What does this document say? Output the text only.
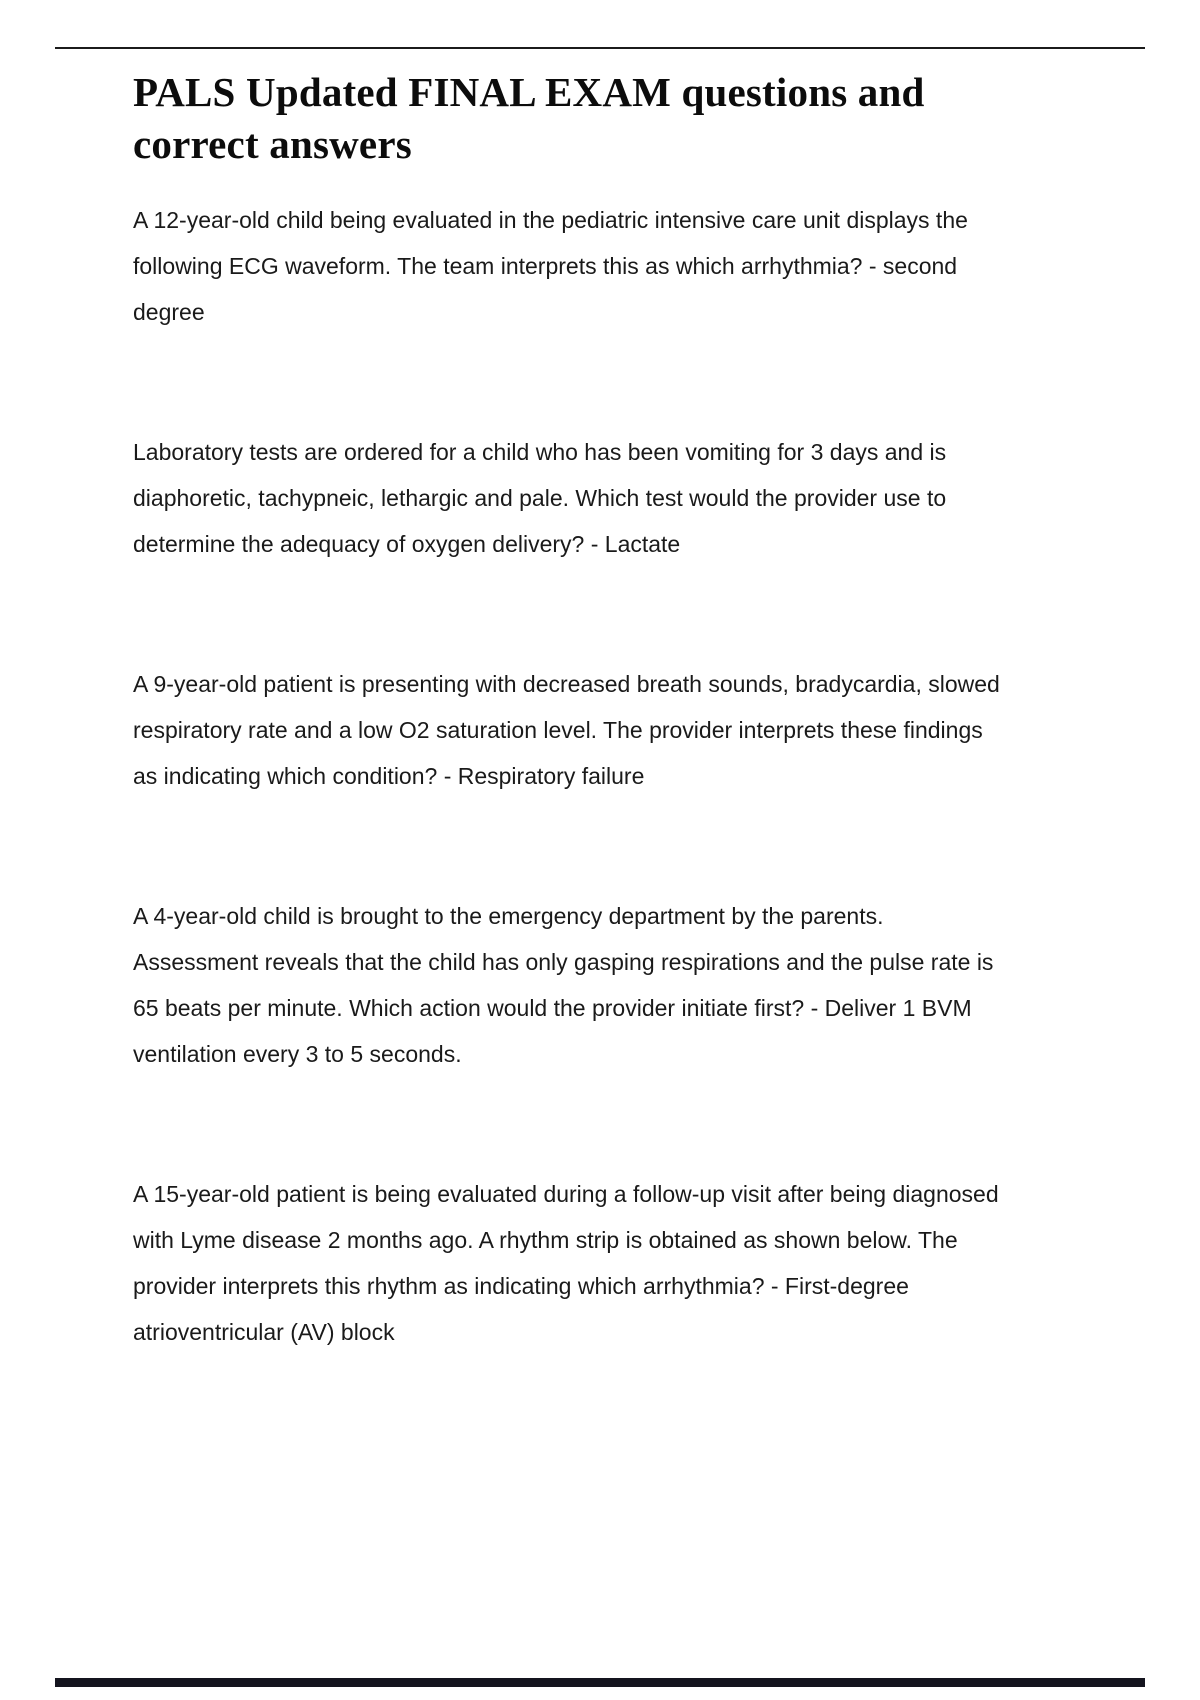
PALS Updated FINAL EXAM questions and correct answers

A 12-year-old child being evaluated in the pediatric intensive care unit displays the following ECG waveform. The team interprets this as which arrhythmia? - second degree

Laboratory tests are ordered for a child who has been vomiting for 3 days and is diaphoretic, tachypneic, lethargic and pale. Which test would the provider use to determine the adequacy of oxygen delivery? - Lactate

A 9-year-old patient is presenting with decreased breath sounds, bradycardia, slowed respiratory rate and a low O2 saturation level. The provider interprets these findings as indicating which condition? - Respiratory failure

A 4-year-old child is brought to the emergency department by the parents. Assessment reveals that the child has only gasping respirations and the pulse rate is 65 beats per minute. Which action would the provider initiate first? - Deliver 1 BVM ventilation every 3 to 5 seconds.

A 15-year-old patient is being evaluated during a follow-up visit after being diagnosed with Lyme disease 2 months ago. A rhythm strip is obtained as shown below. The provider interprets this rhythm as indicating which arrhythmia? - First-degree atrioventricular (AV) block
